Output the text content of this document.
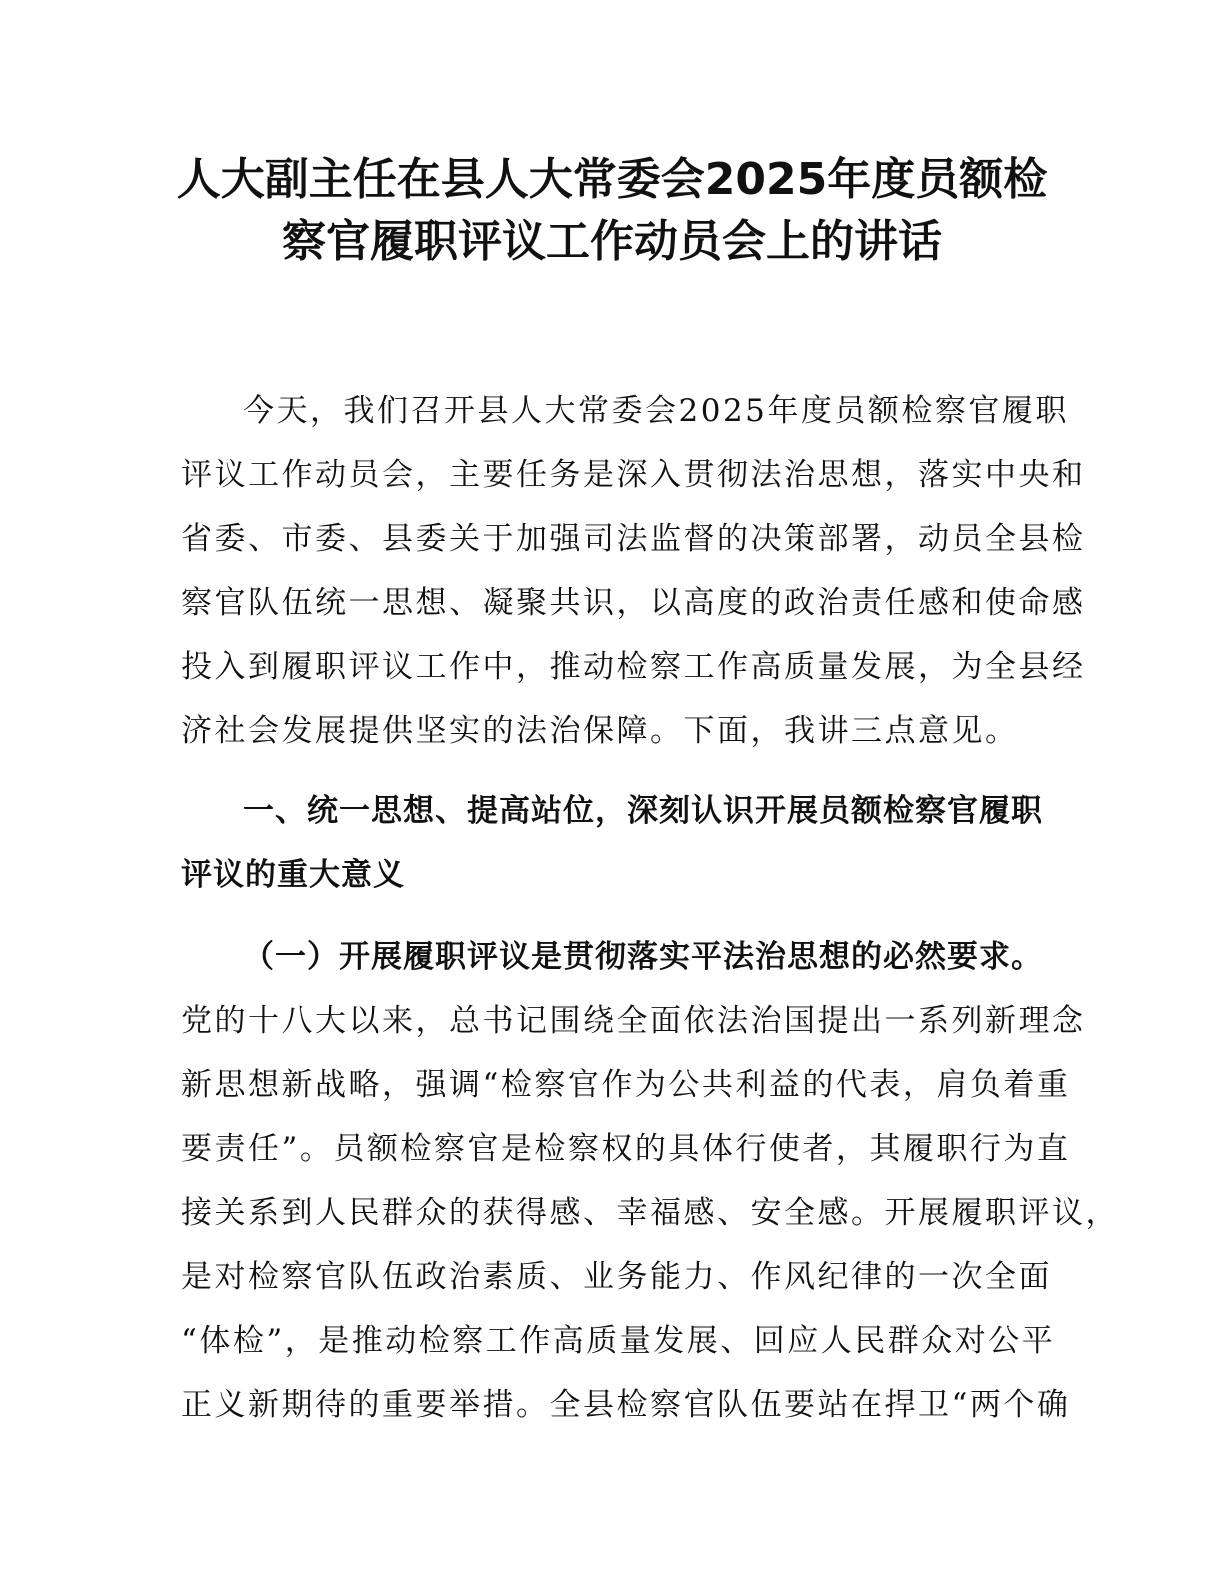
人大副主任在县人大常委会2025年度员额检
察官履职评议工作动员会上的讲话
今天，我们召开县人大常委会2025年度员额检察官履职
评议工作动员会，主要任务是深入贯彻法治思想，落实中央和
省委、市委、县委关于加强司法监督的决策部署，动员全县检
察官队伍统一思想、凝聚共识，以高度的政治责任感和使命感
投入到履职评议工作中，推动检察工作高质量发展，为全县经
济社会发展提供坚实的法治保障。下面，我讲三点意见。
一、统一思想、提高站位，深刻认识开展员额检察官履职
评议的重大意义
（一）开展履职评议是贯彻落实平法治思想的必然要求。
党的十八大以来，总书记围绕全面依法治国提出一系列新理念
新思想新战略，强调“检察官作为公共利益的代表，肩负着重
要责任”。员额检察官是检察权的具体行使者，其履职行为直
接关系到人民群众的获得感、幸福感、安全感。开展履职评议，
是对检察官队伍政治素质、业务能力、作风纪律的一次全面
“体检”，是推动检察工作高质量发展、回应人民群众对公平
正义新期待的重要举措。全县检察官队伍要站在捍卫“两个确
